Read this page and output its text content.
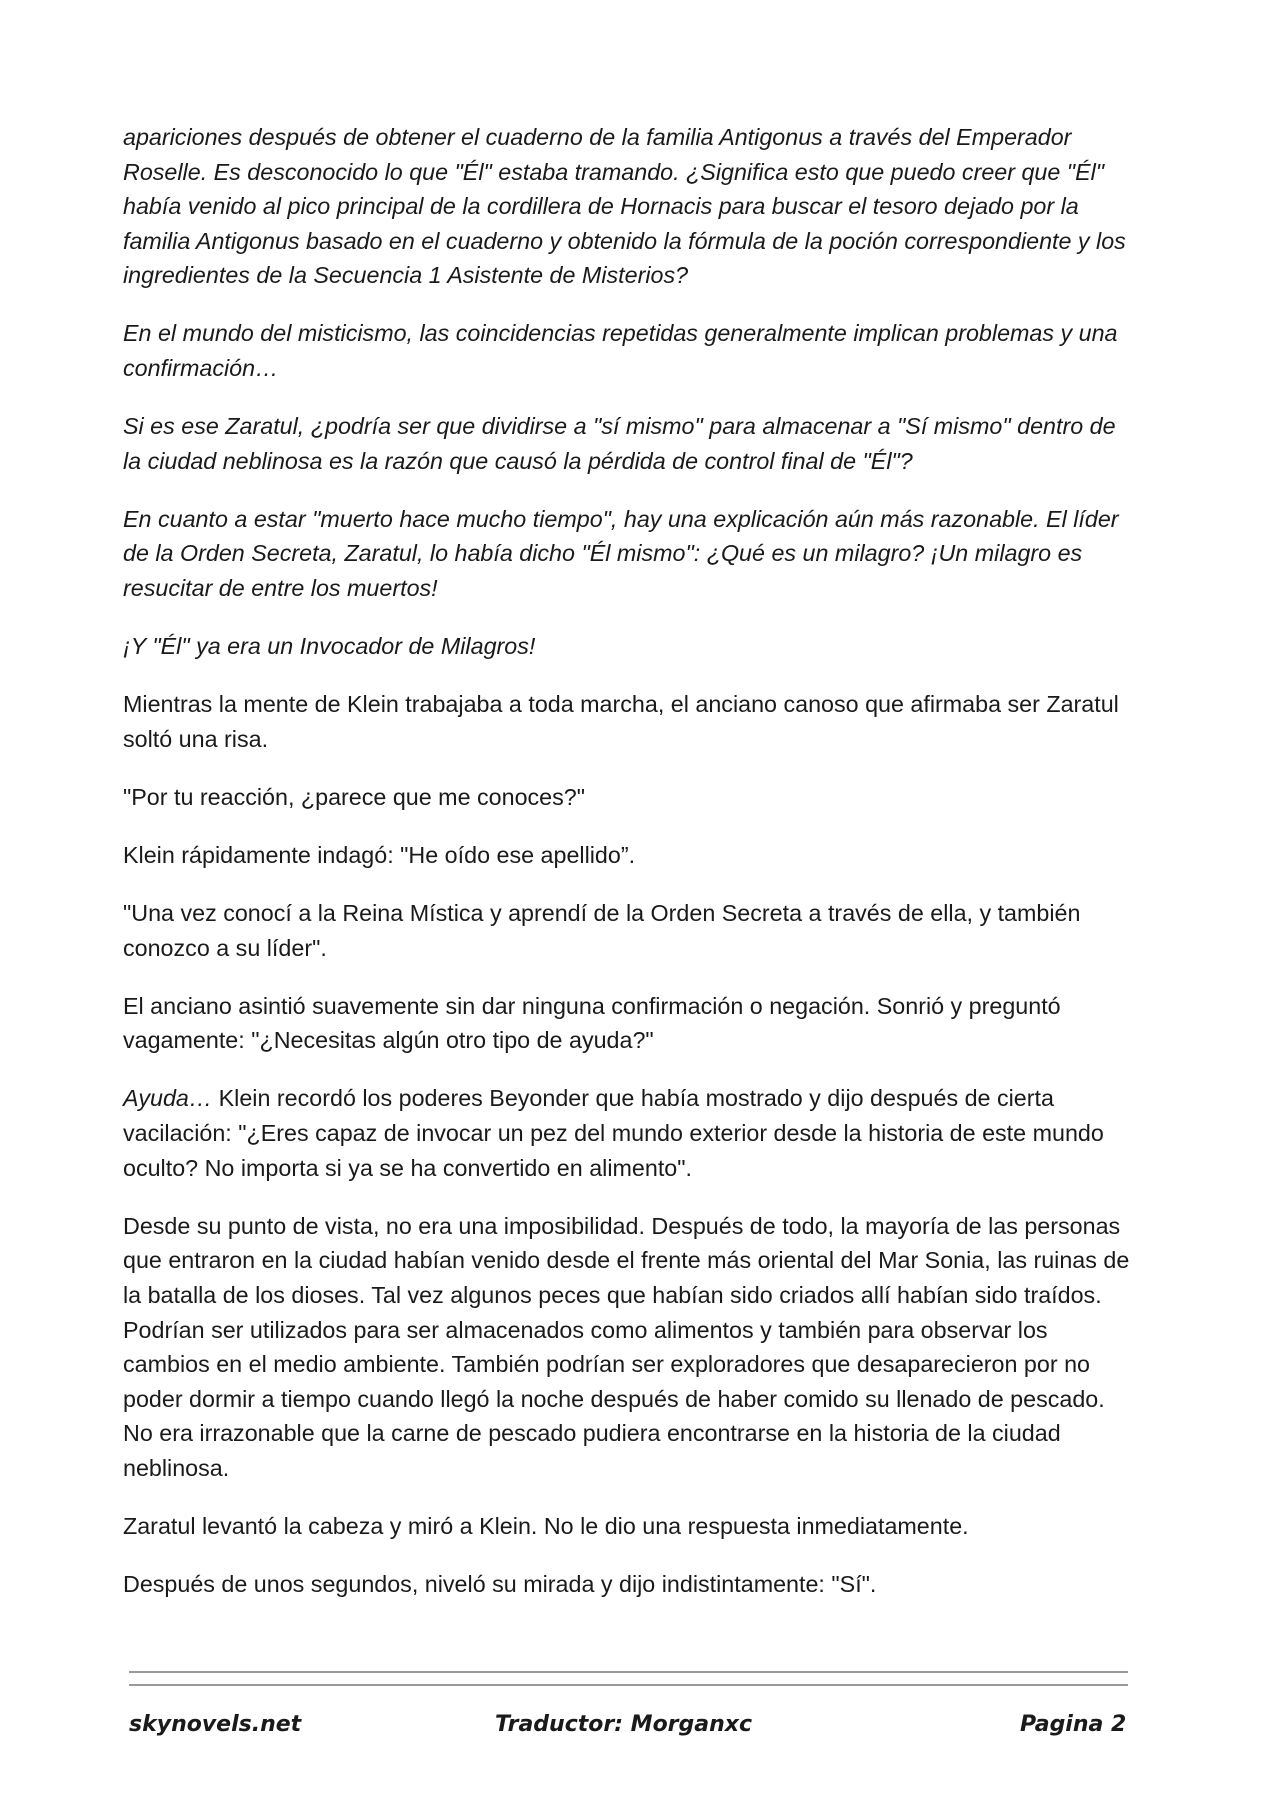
apariciones después de obtener el cuaderno de la familia Antigonus a través del Emperador Roselle. Es desconocido lo que "Él" estaba tramando. ¿Significa esto que puedo creer que "Él" había venido al pico principal de la cordillera de Hornacis para buscar el tesoro dejado por la familia Antigonus basado en el cuaderno y obtenido la fórmula de la poción correspondiente y los ingredientes de la Secuencia 1 Asistente de Misterios?

En el mundo del misticismo, las coincidencias repetidas generalmente implican problemas y una confirmación…

Si es ese Zaratul, ¿podría ser que dividirse a "sí mismo" para almacenar a "Sí mismo" dentro de la ciudad neblinosa es la razón que causó la pérdida de control final de "Él"?

En cuanto a estar "muerto hace mucho tiempo", hay una explicación aún más razonable. El líder de la Orden Secreta, Zaratul, lo había dicho "Él mismo": ¿Qué es un milagro? ¡Un milagro es resucitar de entre los muertos!

¡Y "Él" ya era un Invocador de Milagros!

Mientras la mente de Klein trabajaba a toda marcha, el anciano canoso que afirmaba ser Zaratul soltó una risa.

"Por tu reacción, ¿parece que me conoces?"

Klein rápidamente indagó: "He oído ese apellido”.

"Una vez conocí a la Reina Mística y aprendí de la Orden Secreta a través de ella, y también conozco a su líder".

El anciano asintió suavemente sin dar ninguna confirmación o negación. Sonrió y preguntó vagamente: "¿Necesitas algún otro tipo de ayuda?"

Ayuda… Klein recordó los poderes Beyonder que había mostrado y dijo después de cierta vacilación: "¿Eres capaz de invocar un pez del mundo exterior desde la historia de este mundo oculto? No importa si ya se ha convertido en alimento".

Desde su punto de vista, no era una imposibilidad. Después de todo, la mayoría de las personas que entraron en la ciudad habían venido desde el frente más oriental del Mar Sonia, las ruinas de la batalla de los dioses. Tal vez algunos peces que habían sido criados allí habían sido traídos. Podrían ser utilizados para ser almacenados como alimentos y también para observar los cambios en el medio ambiente. También podrían ser exploradores que desaparecieron por no poder dormir a tiempo cuando llegó la noche después de haber comido su llenado de pescado. No era irrazonable que la carne de pescado pudiera encontrarse en la historia de la ciudad neblinosa.

Zaratul levantó la cabeza y miró a Klein. No le dio una respuesta inmediatamente.

Después de unos segundos, niveló su mirada y dijo indistintamente: "Sí".

skynovels.net	Traductor: Morganxc	Pagina 2
